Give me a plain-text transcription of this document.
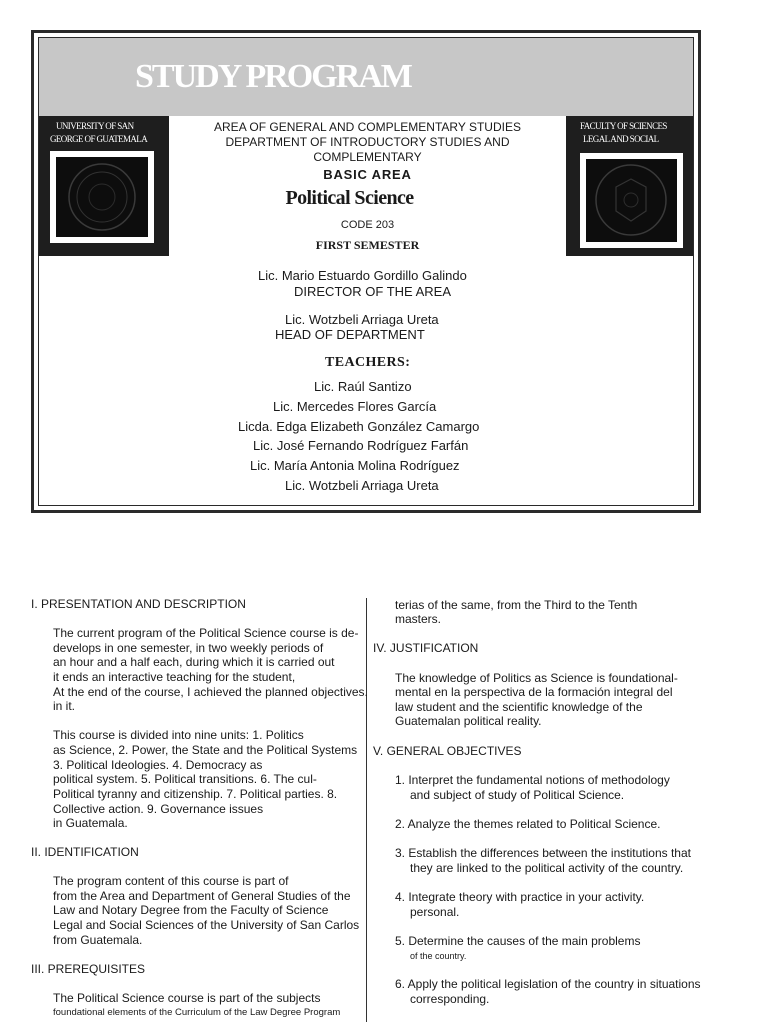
STUDY PROGRAM
UNIVERSITY OF SAN
GEORGE OF GUATEMALA
AREA OF GENERAL AND COMPLEMENTARY STUDIES
DEPARTMENT OF INTRODUCTORY STUDIES AND
COMPLEMENTARY
BASIC AREA
Political Science
CODE 203
FIRST SEMESTER
FACULTY OF SCIENCES
LEGAL AND SOCIAL
Lic. Mario Estuardo Gordillo Galindo
DIRECTOR OF THE AREA
Lic. Wotzbeli Arriaga Ureta
HEAD OF DEPARTMENT
TEACHERS:
Lic. Raúl Santizo
Lic. Mercedes Flores García
Licda. Edga Elizabeth González Camargo
Lic. José Fernando Rodríguez Farfán
Lic. María Antonia Molina Rodríguez
Lic. Wotzbeli Arriaga Ureta
I. PRESENTATION AND DESCRIPTION
The current program of the Political Science course is de-
develops in one semester, in two weekly periods of
an hour and a half each, during which it is carried out
it ends an interactive teaching for the student,
At the end of the course, I achieved the planned objectives.
in it.
This course is divided into nine units: 1. Politics
as Science, 2. Power, the State and the Political Systems
3. Political Ideologies. 4. Democracy as
political system. 5. Political transitions. 6. The cul-
Political tyranny and citizenship. 7. Political parties. 8.
Collective action. 9. Governance issues
in Guatemala.
II. IDENTIFICATION
The program content of this course is part of
from the Area and Department of General Studies of the
Law and Notary Degree from the Faculty of Science
Legal and Social Sciences of the University of San Carlos
from Guatemala.
III. PREREQUISITES
The Political Science course is part of the subjects
foundational elements of the Curriculum of the Law Degree Program
terias of the same, from the Third to the Tenth
masters.
IV. JUSTIFICATION
The knowledge of Politics as Science is foundational-
mental en la perspectiva de la formación integral del
law student and the scientific knowledge of the
Guatemalan political reality.
V. GENERAL OBJECTIVES
1. Interpret the fundamental notions of methodology
and subject of study of Political Science.
2. Analyze the themes related to Political Science.
3. Establish the differences between the institutions that
they are linked to the political activity of the country.
4. Integrate theory with practice in your activity.
personal.
5. Determine the causes of the main problems
of the country.
6. Apply the political legislation of the country in situations
corresponding.
